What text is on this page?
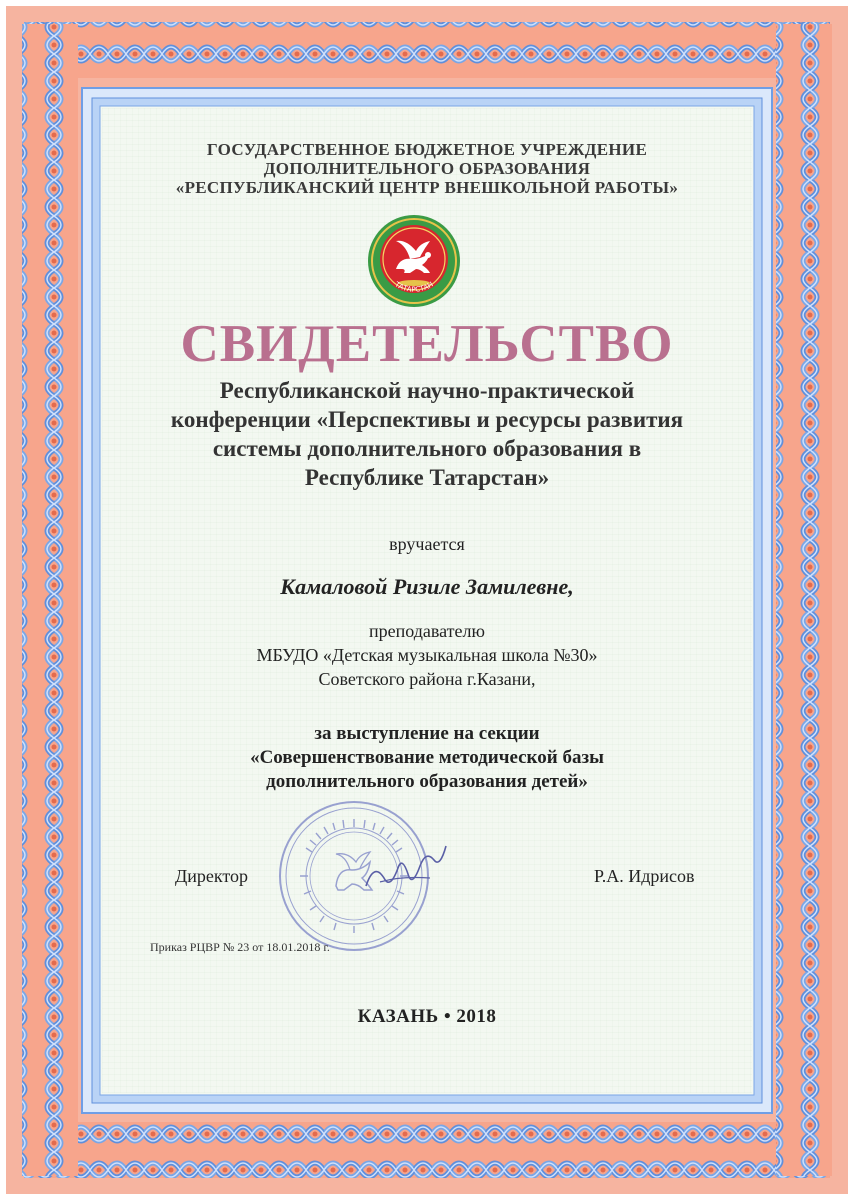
ГОСУДАРСТВЕННОЕ БЮДЖЕТНОЕ УЧРЕЖДЕНИЕ
ДОПОЛНИТЕЛЬНОГО ОБРАЗОВАНИЯ
«РЕСПУБЛИКАНСКИЙ ЦЕНТР ВНЕШКОЛЬНОЙ РАБОТЫ»
ТАТАРСТАН
СВИДЕТЕЛЬСТВО
Республиканской научно-практической
конференции «Перспективы и ресурсы развития
системы дополнительного образования в
Республике Татарстан»
вручается
Камаловой Ризиле Замилевне,
преподавателю
МБУДО «Детская музыкальная школа №30»
Советского района г.Казани,
за выступление на секции
«Совершенствование методической базы
дополнительного образования детей»
Директор	Р.А. Идрисов
Приказ РЦВР № 23 от 18.01.2018 г.
КАЗАНЬ • 2018
